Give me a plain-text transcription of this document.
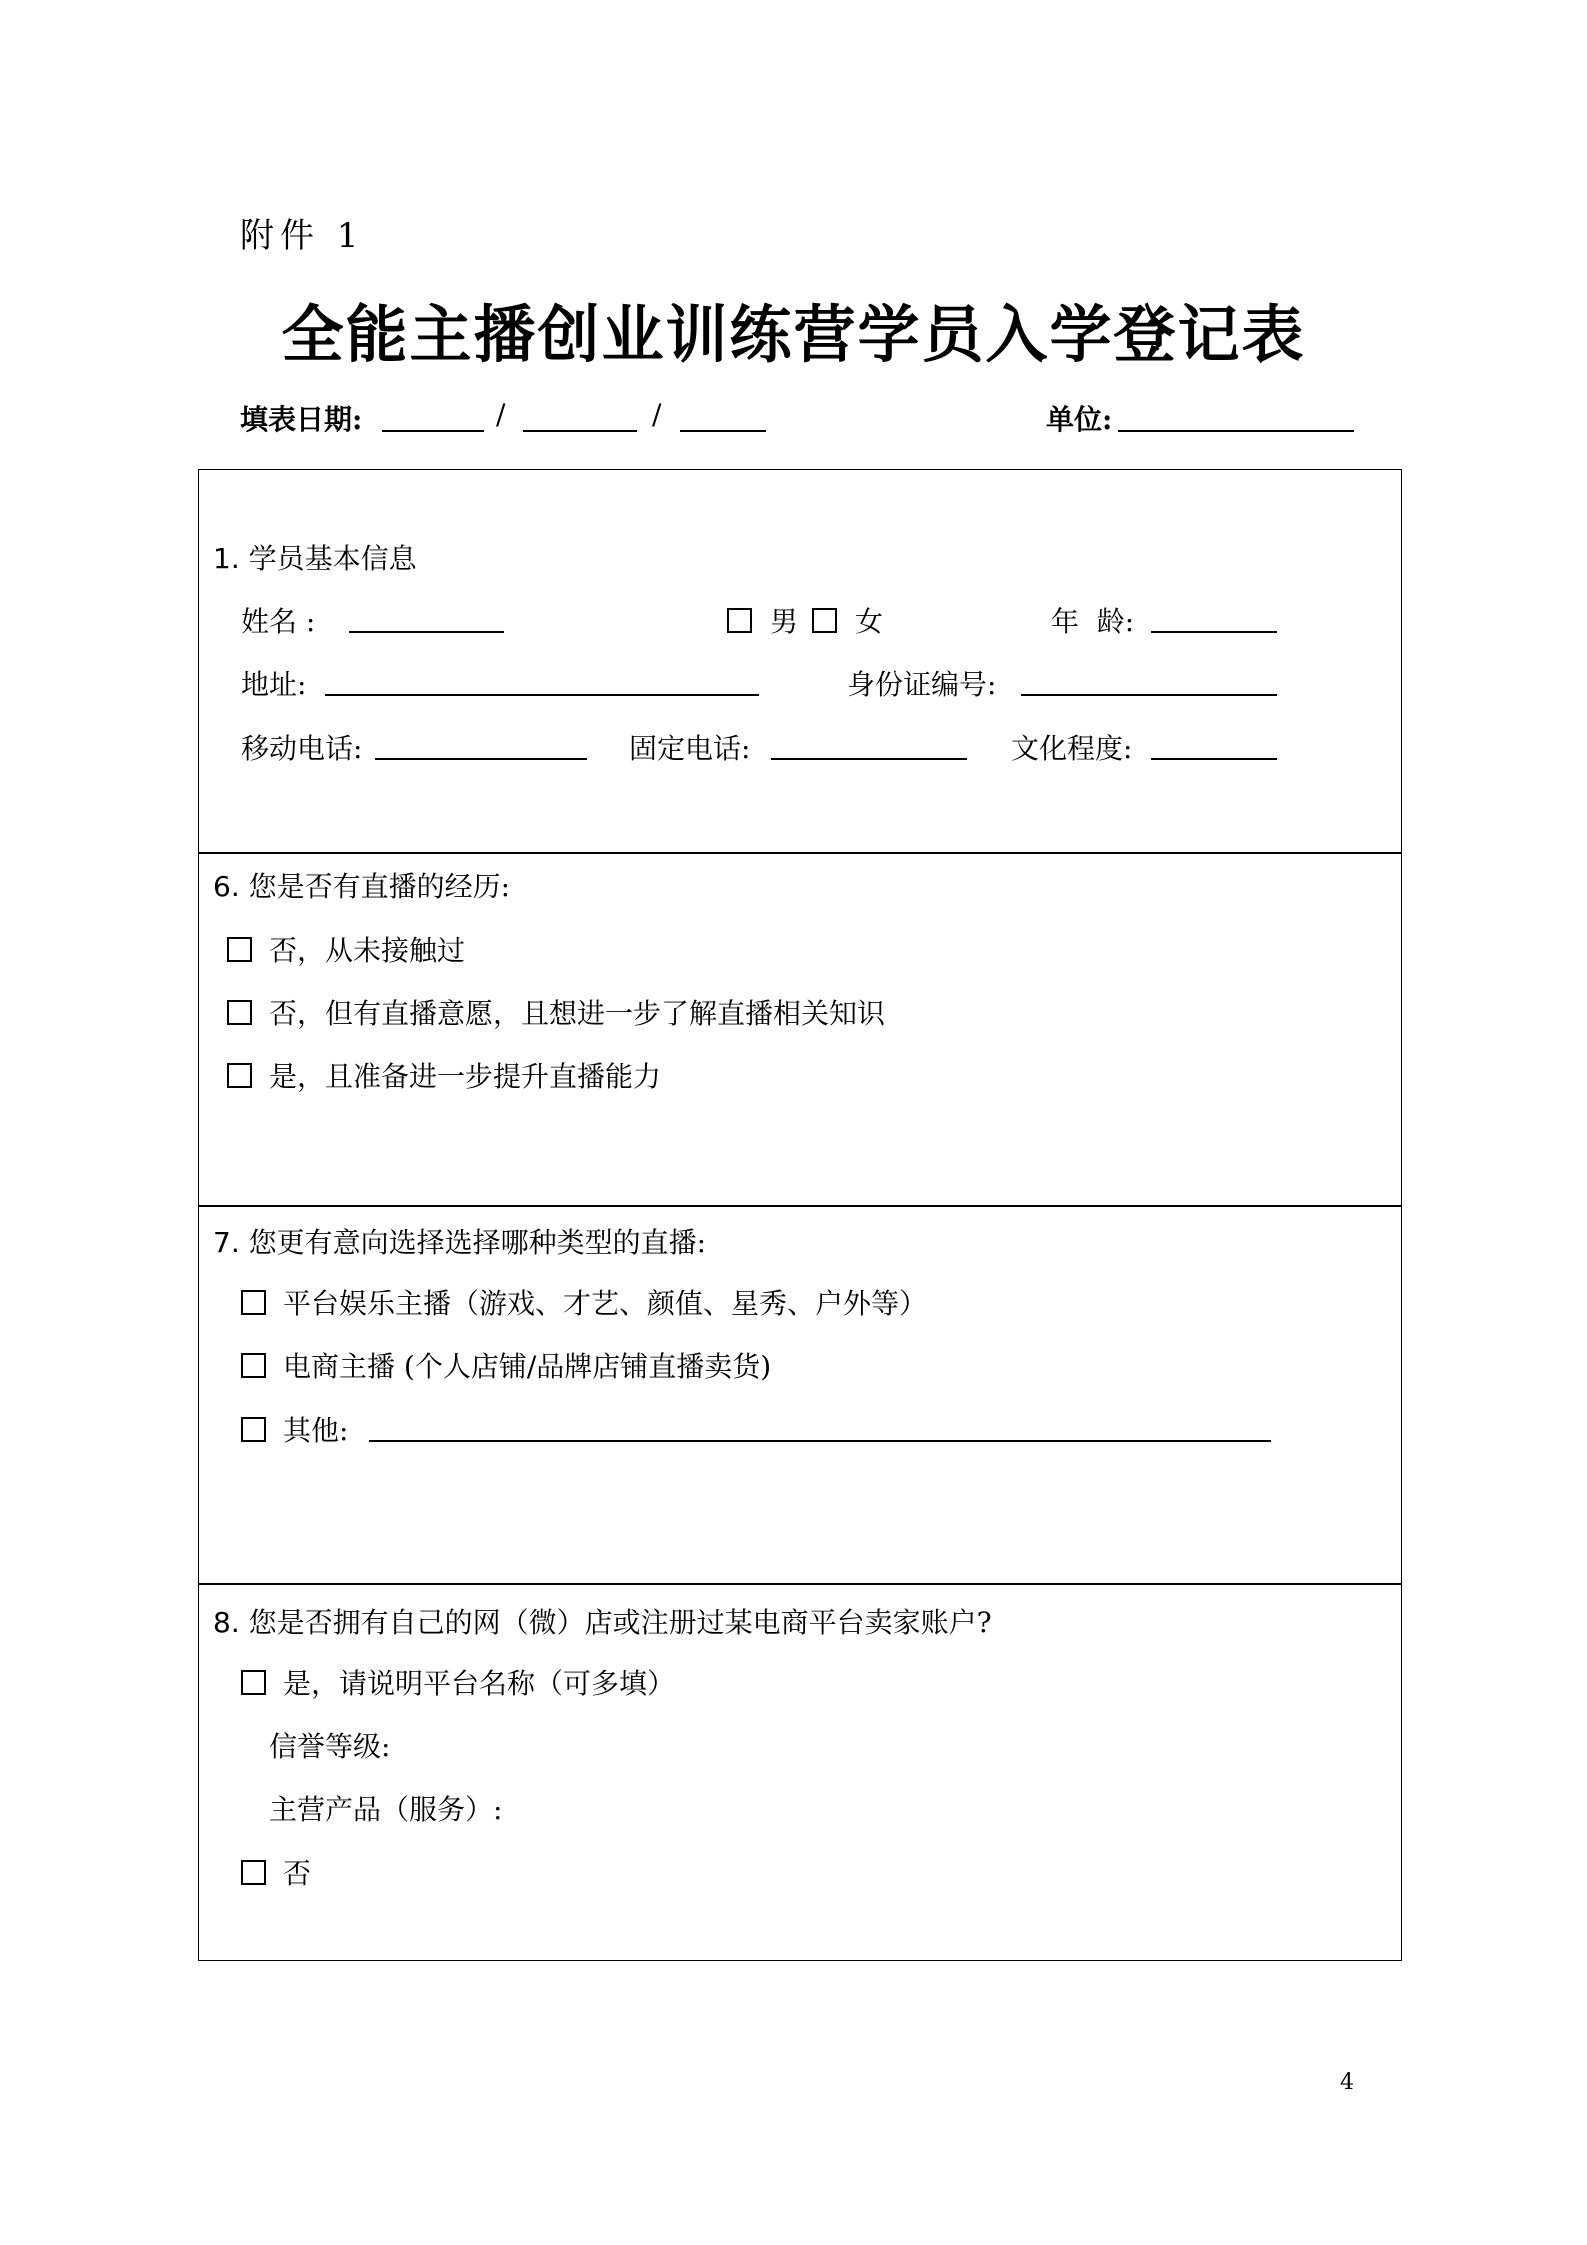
附件 1
全能主播创业训练营学员入学登记表
填表日期:	/	/	单位:
1. 学员基本信息
姓名 :	男 女	年  龄:
地址:	身份证编号:
移动电话:	固定电话:	文化程度:
6. 您是否有直播的经历:
否，从未接触过
否，但有直播意愿，且想进一步了解直播相关知识
是，且准备进一步提升直播能力
7. 您更有意向选择选择哪种类型的直播:
平台娱乐主播（游戏、才艺、颜值、星秀、户外等）
电商主播 (个人店铺/品牌店铺直播卖货)
其他:
8. 您是否拥有自己的网（微）店或注册过某电商平台卖家账户?
是，请说明平台名称（可多填）
信誉等级:
主营产品（服务）:
否
4
